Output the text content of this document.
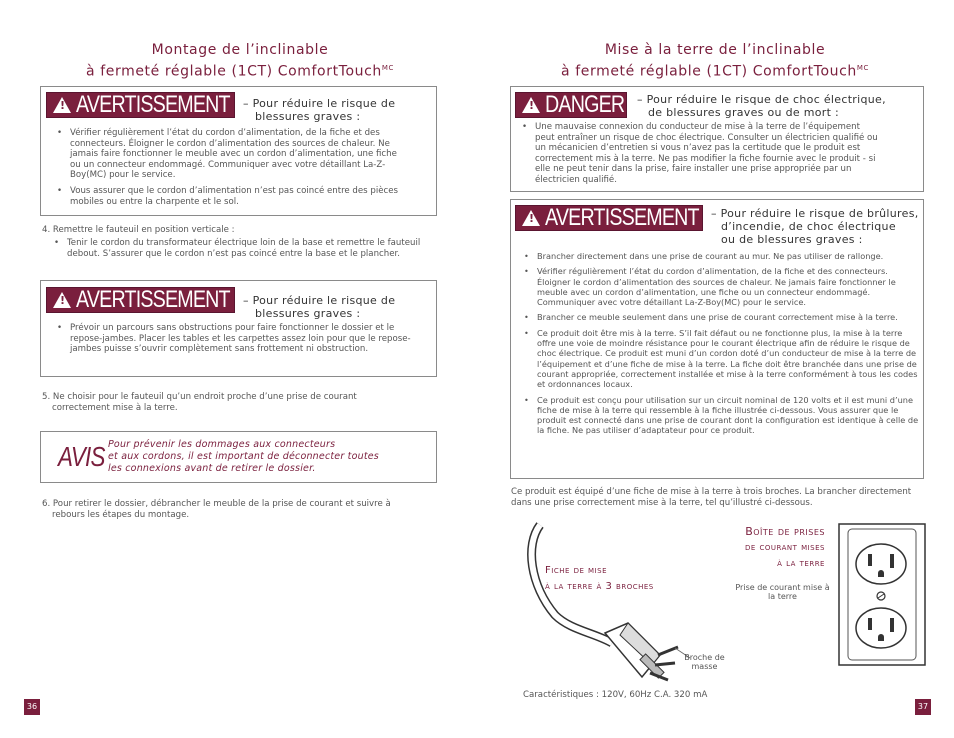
Montage de l’inclinable
à fermeté réglable (1CT) ComfortTouch$^{MC}$
! AVERTISSEMENT – Pour réduire le risque de
blessures graves :
• Vérifier régulièrement l’état du cordon d’alimentation, de la fiche et des connecteurs. Éloigner le cordon d’alimentation des sources de chaleur. Ne jamais faire fonctionner le meuble avec un cordon d’alimentation, une fiche ou un connecteur endommagé. Communiquer avec votre détaillant La-Z-Boy(MC) pour le service.
• Vous assurer que le cordon d’alimentation n’est pas coincé entre des pièces mobiles ou entre la charpente et le sol.
4. Remettre le fauteuil en position verticale :
• Tenir le cordon du transformateur électrique loin de la base et remettre le fauteuil debout. S’assurer que le cordon n’est pas coincé entre la base et le plancher.
! AVERTISSEMENT – Pour réduire le risque de
blessures graves :
• Prévoir un parcours sans obstructions pour faire fonctionner le dossier et le repose-jambes. Placer les tables et les carpettes assez loin pour que le repose-jambes puisse s’ouvrir complètement sans frottement ni obstruction.
5. Ne choisir pour le fauteuil qu’un endroit proche d’une prise de courant correctement mise à la terre.
AVIS Pour prévenir les dommages aux connecteurs
et aux cordons, il est important de déconnecter toutes
les connexions avant de retirer le dossier.
6. Pour retirer le dossier, débrancher le meuble de la prise de courant et suivre à rebours les étapes du montage.
36
Mise à la terre de l’inclinable
à fermeté réglable (1CT) ComfortTouch$^{MC}$
! DANGER – Pour réduire le risque de choc électrique,
de blessures graves ou de mort :
• Une mauvaise connexion du conducteur de mise à la terre de l’équipement peut entraîner un risque de choc électrique. Consulter un électricien qualifié ou un mécanicien d’entretien si vous n’avez pas la certitude que le produit est correctement mis à la terre. Ne pas modifier la fiche fournie avec le produit - si elle ne peut tenir dans la prise, faire installer une prise appropriée par un électricien qualifié.
! AVERTISSEMENT – Pour réduire le risque de brûlures,
d’incendie, de choc électrique
ou de blessures graves :
• Brancher directement dans une prise de courant au mur. Ne pas utiliser de rallonge.
• Vérifier régulièrement l’état du cordon d’alimentation, de la fiche et des connecteurs. Éloigner le cordon d’alimentation des sources de chaleur. Ne jamais faire fonctionner le meuble avec un cordon d’alimentation, une fiche ou un connecteur endommagé. Communiquer avec votre détaillant La-Z-Boy(MC) pour le service.
• Brancher ce meuble seulement dans une prise de courant correctement mise à la terre.
• Ce produit doit être mis à la terre. S’il fait défaut ou ne fonctionne plus, la mise à la terre offre une voie de moindre résistance pour le courant électrique afin de réduire le risque de choc électrique. Ce produit est muni d’un cordon doté d’un conducteur de mise à la terre de l’équipement et d’une fiche de mise à la terre. La fiche doit être branchée dans une prise de courant appropriée, correctement installée et mise à la terre conformément à tous les codes et ordonnances locaux.
• Ce produit est conçu pour utilisation sur un circuit nominal de 120 volts et il est muni d’une fiche de mise à la terre qui ressemble à la fiche illustrée ci-dessous. Vous assurer que le produit est connecté dans une prise de courant dont la configuration est identique à celle de la fiche. Ne pas utiliser d’adaptateur pour ce produit.
Ce produit est équipé d’une fiche de mise à la terre à trois broches. La brancher directement dans une prise correctement mise à la terre, tel qu’illustré ci-dessous.
Fiche de mise
à la terre à 3 broches
Boîte de prises
de courant mises
à la terre
Prise de courant mise à la terre
Broche de masse
Caractéristiques : 120V, 60Hz C.A. 320 mA
37
